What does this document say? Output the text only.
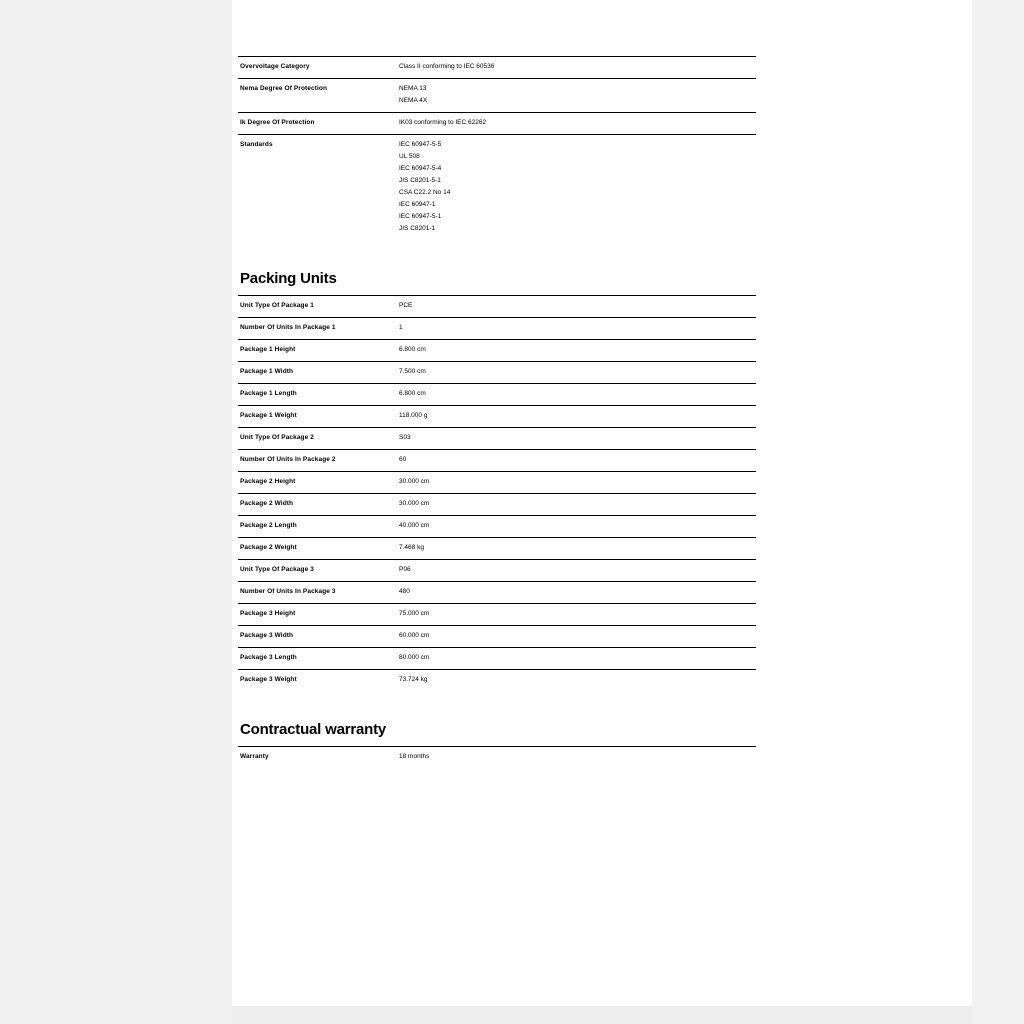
Overvoltage Category	Class II conforming to IEC 60536

Nema Degree Of Protection	NEMA 13
NEMA 4X

Ik Degree Of Protection	IK03 conforming to IEC 62262

Standards	IEC 60947-5-5
UL 508
IEC 60947-5-4
JIS C8201-5-1
CSA C22.2 No 14
IEC 60947-1
IEC 60947-5-1
JIS C8201-1
Packing Units
Unit Type Of Package 1	PCE

Number Of Units In Package 1	1

Package 1 Height	6.800 cm

Package 1 Width	7.500 cm

Package 1 Length	6.800 cm

Package 1 Weight	118.000 g

Unit Type Of Package 2	S03

Number Of Units In Package 2	60

Package 2 Height	30.000 cm

Package 2 Width	30.000 cm

Package 2 Length	40.000 cm

Package 2 Weight	7.468 kg

Unit Type Of Package 3	P06

Number Of Units In Package 3	480

Package 3 Height	75.000 cm

Package 3 Width	60.000 cm

Package 3 Length	80.000 cm

Package 3 Weight	73.724 kg
Contractual warranty
Warranty	18 months
